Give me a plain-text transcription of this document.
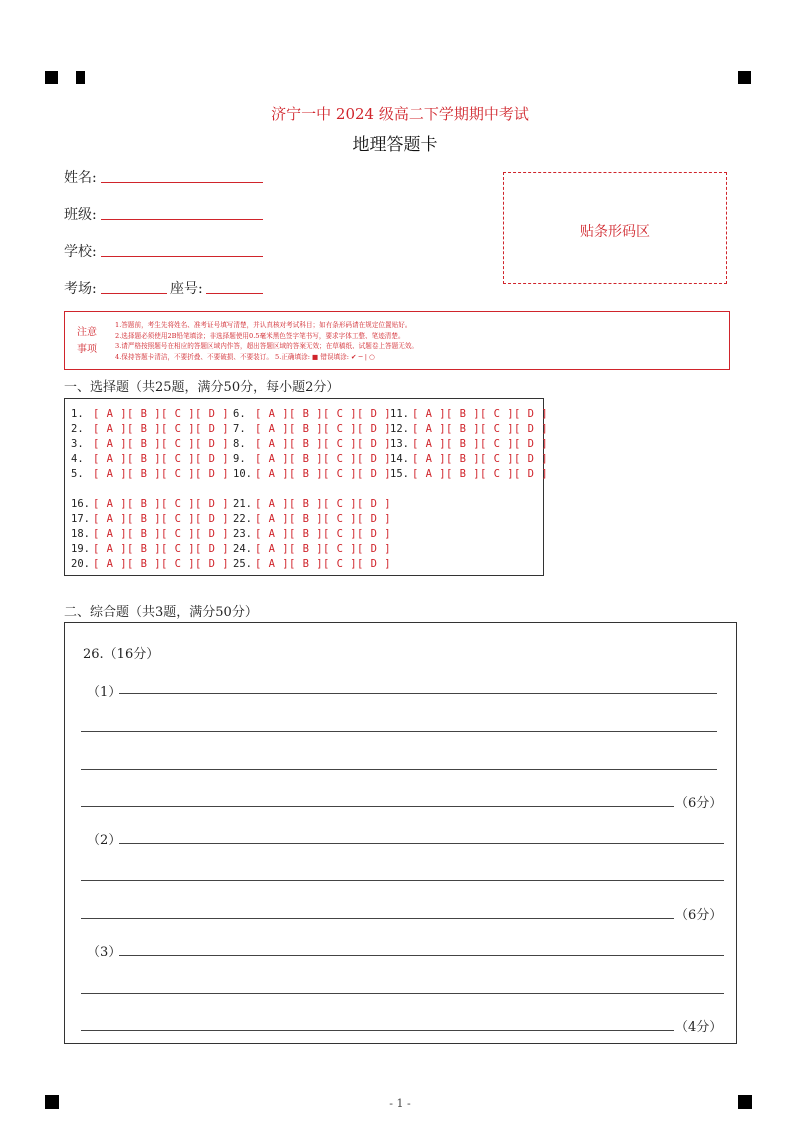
济宁一中 2024 级高二下学期期中考试
地理答题卡
姓名:
班级:
学校:
考场:	座号:
贴条形码区
注意
事项
1.答题前，考生先将姓名、准考证号填写清楚，并认真核对考试科目；如有条形码请在规定位置贴好。
2.选择题必须使用2B铅笔填涂；非选择题使用0.5毫米黑色签字笔书写，要求字体工整、笔迹清楚。
3.请严格按照题号在相应的答题区域内作答，超出答题区域的答案无效；在草稿纸、试题卷上答题无效。
4.保持答题卡清洁，不要折叠、不要破损、不要装订。 5.正确填涂: ■ 错误填涂: ✔ ─ | ○
一、选择题（共25题，满分50分，每小题2分）
1. [ A ][ B ][ C ][ D ]
2. [ A ][ B ][ C ][ D ]
3. [ A ][ B ][ C ][ D ]
4. [ A ][ B ][ C ][ D ]
5. [ A ][ B ][ C ][ D ]
6. [ A ][ B ][ C ][ D ]
7. [ A ][ B ][ C ][ D ]
8. [ A ][ B ][ C ][ D ]
9. [ A ][ B ][ C ][ D ]
10. [ A ][ B ][ C ][ D ]
11. [ A ][ B ][ C ][ D ]
12. [ A ][ B ][ C ][ D ]
13. [ A ][ B ][ C ][ D ]
14. [ A ][ B ][ C ][ D ]
15. [ A ][ B ][ C ][ D ]
16. [ A ][ B ][ C ][ D ]
17. [ A ][ B ][ C ][ D ]
18. [ A ][ B ][ C ][ D ]
19. [ A ][ B ][ C ][ D ]
20. [ A ][ B ][ C ][ D ]
21. [ A ][ B ][ C ][ D ]
22. [ A ][ B ][ C ][ D ]
23. [ A ][ B ][ C ][ D ]
24. [ A ][ B ][ C ][ D ]
25. [ A ][ B ][ C ][ D ]
二、综合题（共3题，满分50分）
26.（16分）
（1）
（6分）
（2）
（6分）
（3）
（4分）
- 1 -
